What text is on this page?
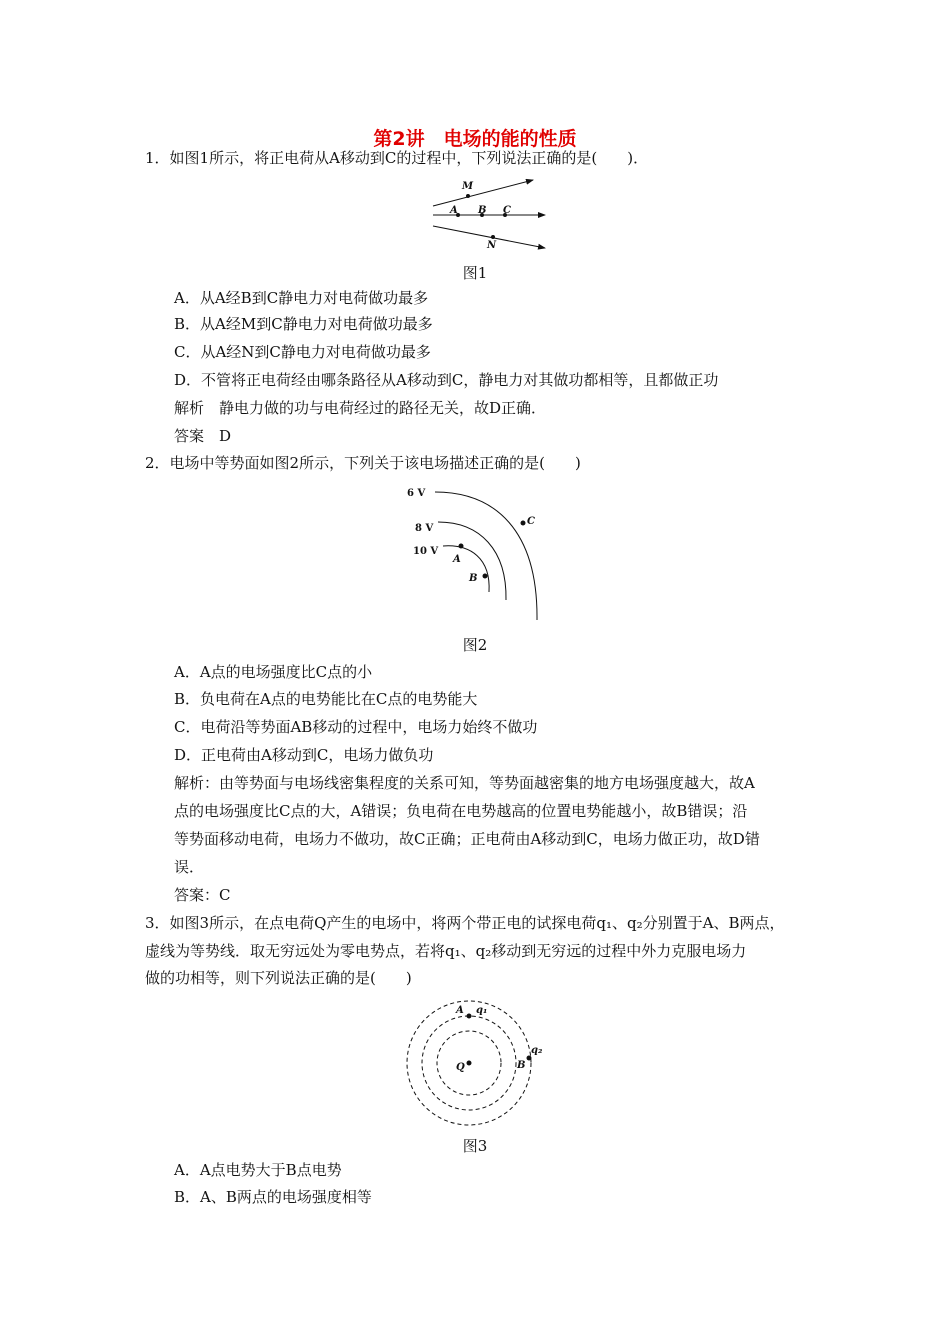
第2讲　电场的能的性质
1．如图1所示，将正电荷从A移动到C的过程中，下列说法正确的是(　　)．
M
A B C
N
图1
A．从A经B到C静电力对电荷做功最多
B．从A经M到C静电力对电荷做功最多
C．从A经N到C静电力对电荷做功最多
D．不管将正电荷经由哪条路径从A移动到C，静电力对其做功都相等，且都做正功
解析　静电力做的功与电荷经过的路径无关，故D正确．
答案　D
2．电场中等势面如图2所示，下列关于该电场描述正确的是(　　)
6 V
8 V
10 V
A
B
C
图2
A．A点的电场强度比C点的小
B．负电荷在A点的电势能比在C点的电势能大
C．电荷沿等势面AB移动的过程中，电场力始终不做功
D．正电荷由A移动到C，电场力做负功
解析：由等势面与电场线密集程度的关系可知，等势面越密集的地方电场强度越大，故A
点的电场强度比C点的大，A错误；负电荷在电势越高的位置电势能越小，故B错误；沿
等势面移动电荷，电场力不做功，故C正确；正电荷由A移动到C，电场力做正功，故D错
误．
答案：C
3．如图3所示，在点电荷Q产生的电场中，将两个带正电的试探电荷q₁、q₂分别置于A、B两点，
虚线为等势线．取无穷远处为零电势点，若将q₁、q₂移动到无穷远的过程中外力克服电场力
做的功相等，则下列说法正确的是(　　)
A q₁
Q	B
q₂
图3
A．A点电势大于B点电势
B．A、B两点的电场强度相等
